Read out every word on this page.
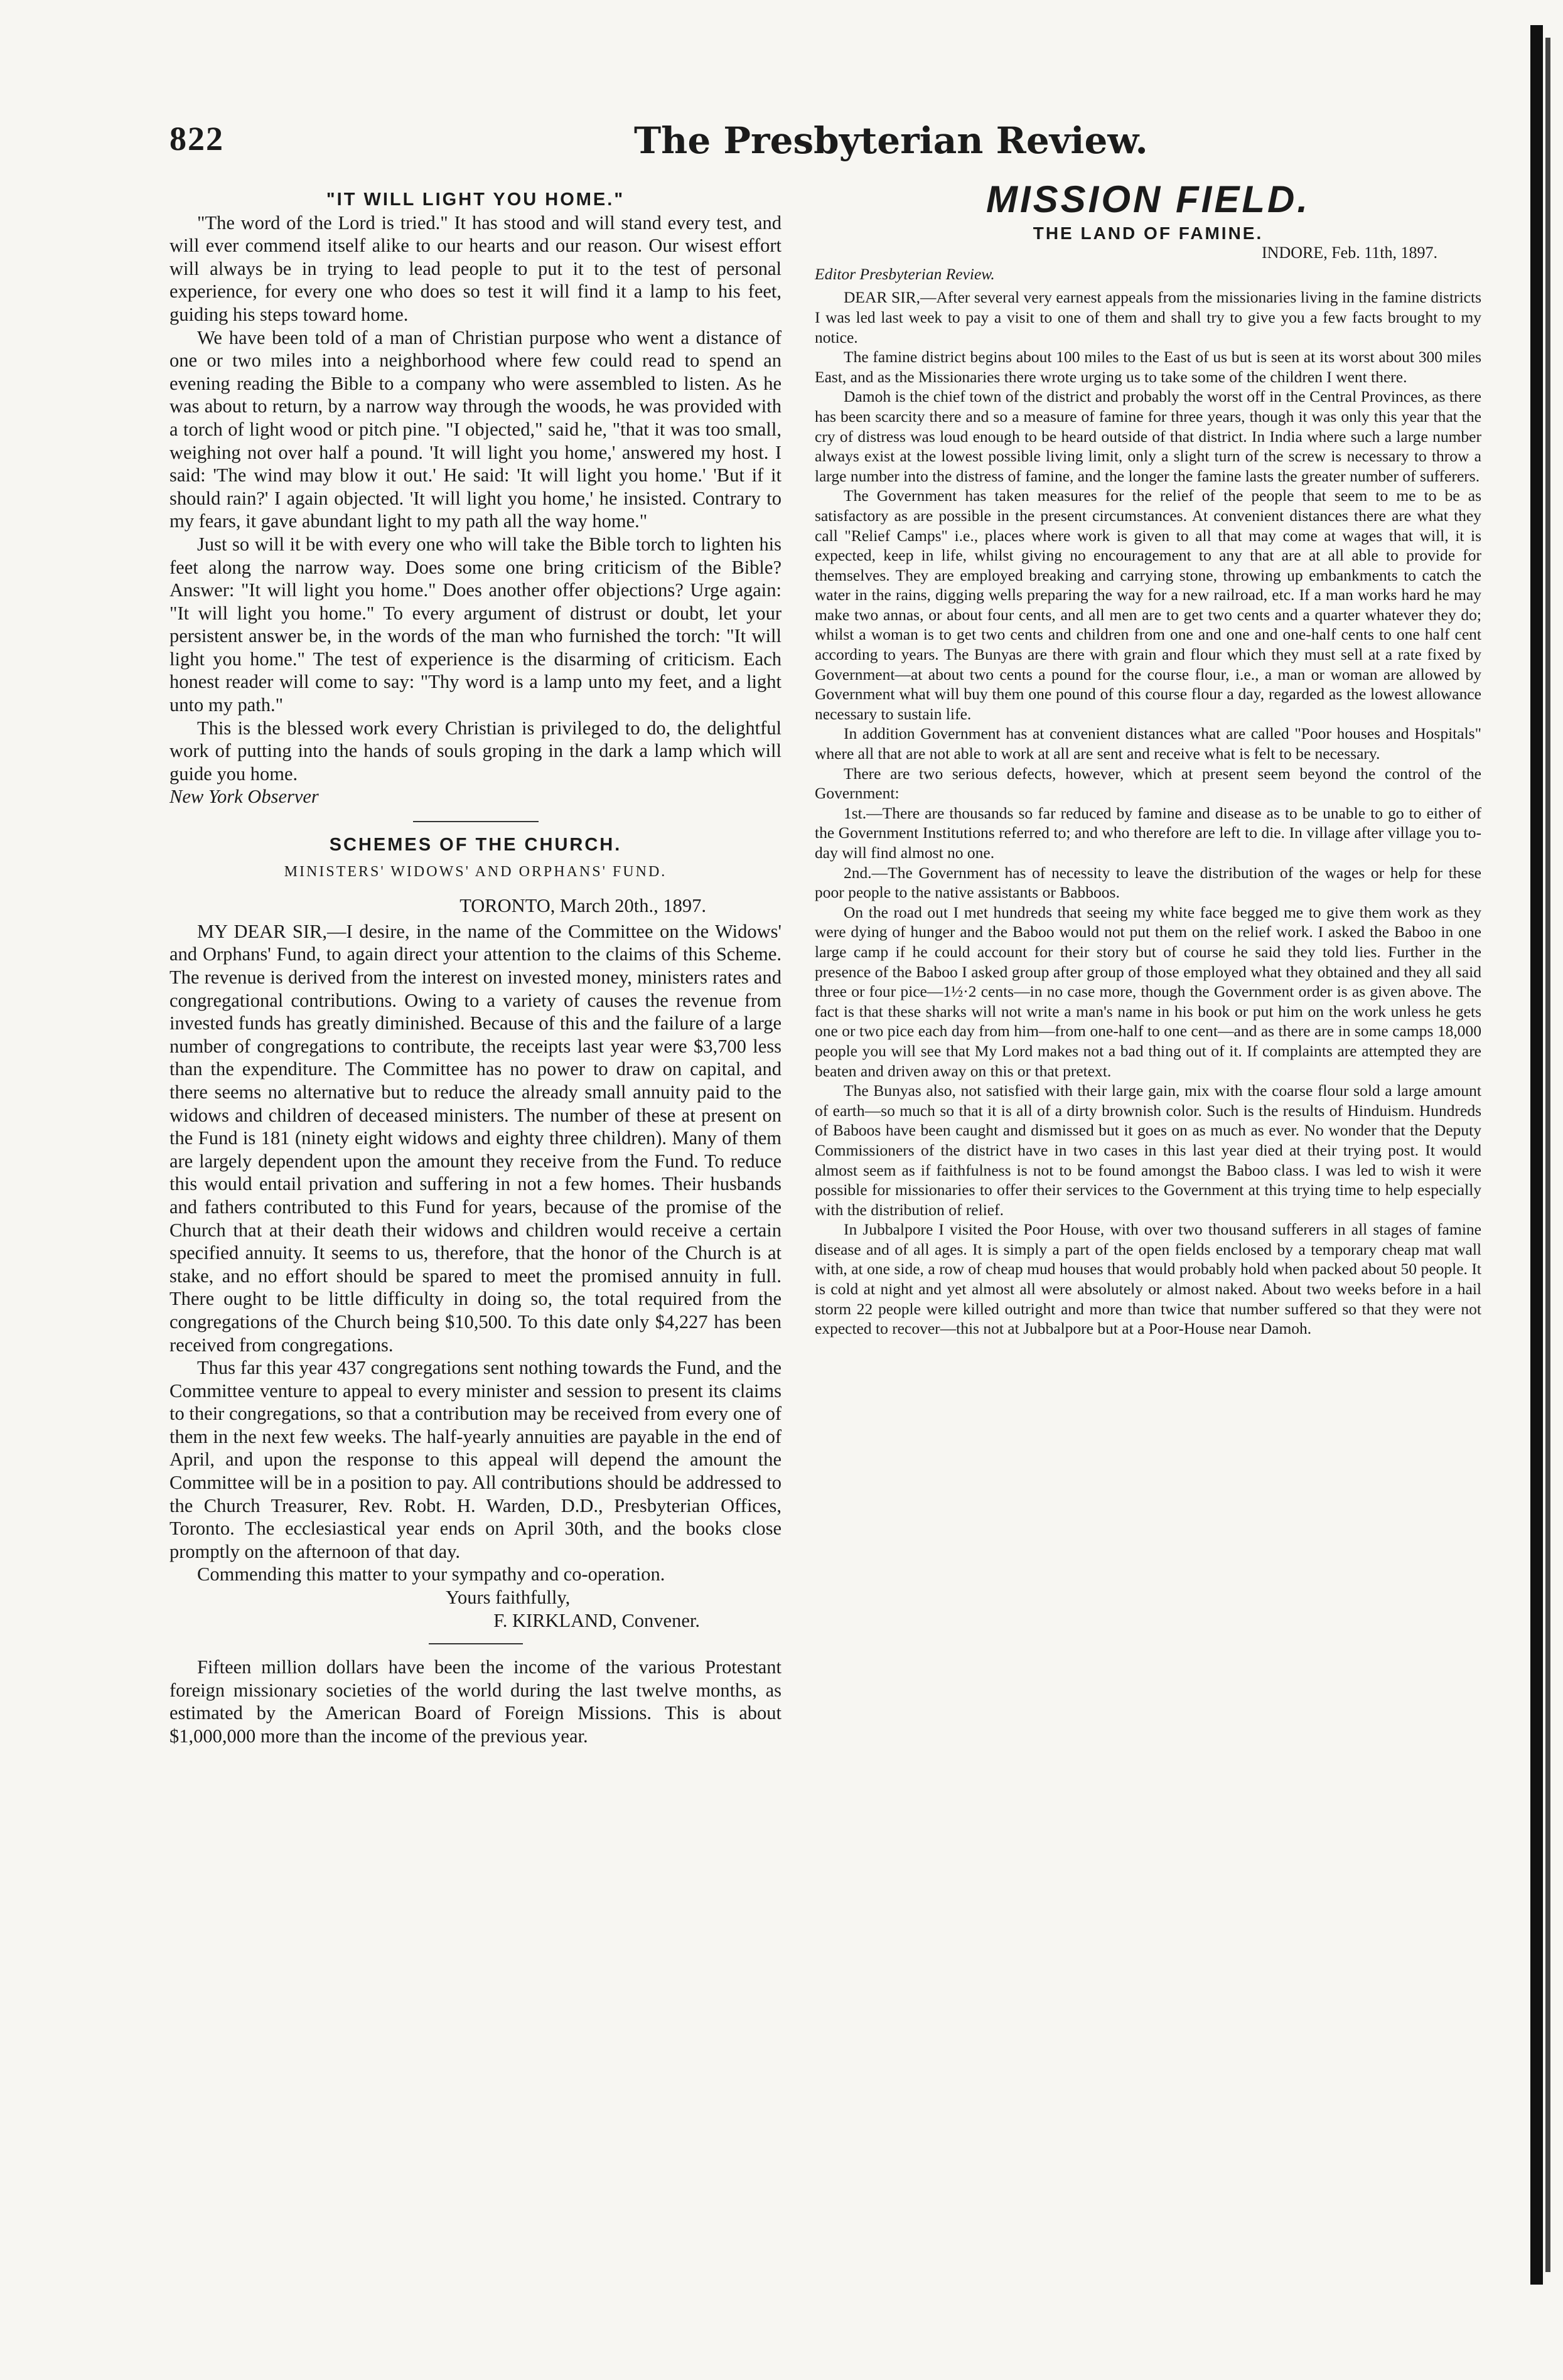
822	The Presbyterian Review.
"IT WILL LIGHT YOU HOME."

"The word of the Lord is tried." It has stood and will stand every test, and will ever commend itself alike to our hearts and our reason. Our wisest effort will always be in trying to lead people to put it to the test of personal experience, for every one who does so test it will find it a lamp to his feet, guiding his steps toward home.

We have been told of a man of Christian purpose who went a distance of one or two miles into a neighborhood where few could read to spend an evening reading the Bible to a company who were assembled to listen. As he was about to return, by a narrow way through the woods, he was provided with a torch of light wood or pitch pine. "I objected," said he, "that it was too small, weighing not over half a pound. 'It will light you home,' answered my host. I said: 'The wind may blow it out.' He said: 'It will light you home.' 'But if it should rain?' I again objected. 'It will light you home,' he insisted. Contrary to my fears, it gave abundant light to my path all the way home."

Just so will it be with every one who will take the Bible torch to lighten his feet along the narrow way. Does some one bring criticism of the Bible? Answer: "It will light you home." Does another offer objections? Urge again: "It will light you home." To every argument of distrust or doubt, let your persistent answer be, in the words of the man who furnished the torch: "It will light you home." The test of experience is the disarming of criticism. Each honest reader will come to say: "Thy word is a lamp unto my feet, and a light unto my path."

This is the blessed work every Christian is privileged to do, the delightful work of putting into the hands of souls groping in the dark a lamp which will guide you home.

New York Observer

SCHEMES OF THE CHURCH.
MINISTERS' WIDOWS' AND ORPHANS' FUND.
TORONTO, March 20th., 1897.

MY DEAR SIR,—I desire, in the name of the Committee on the Widows' and Orphans' Fund, to again direct your attention to the claims of this Scheme. The revenue is derived from the interest on invested money, ministers rates and congregational contributions. Owing to a variety of causes the revenue from invested funds has greatly diminished. Because of this and the failure of a large number of congregations to contribute, the receipts last year were $3,700 less than the expenditure. The Committee has no power to draw on capital, and there seems no alternative but to reduce the already small annuity paid to the widows and children of deceased ministers. The number of these at present on the Fund is 181 (ninety eight widows and eighty three children). Many of them are largely dependent upon the amount they receive from the Fund. To reduce this would entail privation and suffering in not a few homes. Their husbands and fathers contributed to this Fund for years, because of the promise of the Church that at their death their widows and children would receive a certain specified annuity. It seems to us, therefore, that the honor of the Church is at stake, and no effort should be spared to meet the promised annuity in full. There ought to be little difficulty in doing so, the total required from the congregations of the Church being $10,500. To this date only $4,227 has been received from congregations.

Thus far this year 437 congregations sent nothing towards the Fund, and the Committee venture to appeal to every minister and session to present its claims to their congregations, so that a contribution may be received from every one of them in the next few weeks. The half-yearly annuities are payable in the end of April, and upon the response to this appeal will depend the amount the Committee will be in a position to pay. All contributions should be addressed to the Church Treasurer, Rev. Robt. H. Warden, D.D., Presbyterian Offices, Toronto. The ecclesiastical year ends on April 30th, and the books close promptly on the afternoon of that day.

Commending this matter to your sympathy and co-operation.

Yours faithfully,
F. KIRKLAND, Convener.

Fifteen million dollars have been the income of the various Protestant foreign missionary societies of the world during the last twelve months, as estimated by the American Board of Foreign Missions. This is about $1,000,000 more than the income of the previous year.

MISSION FIELD.
THE LAND OF FAMINE.
INDORE, Feb. 11th, 1897.
Editor Presbyterian Review.

DEAR SIR,—After several very earnest appeals from the missionaries living in the famine districts I was led last week to pay a visit to one of them and shall try to give you a few facts brought to my notice.

The famine district begins about 100 miles to the East of us but is seen at its worst about 300 miles East, and as the Missionaries there wrote urging us to take some of the children I went there.

Damoh is the chief town of the district and probably the worst off in the Central Provinces, as there has been scarcity there and so a measure of famine for three years, though it was only this year that the cry of distress was loud enough to be heard outside of that district. In India where such a large number always exist at the lowest possible living limit, only a slight turn of the screw is necessary to throw a large number into the distress of famine, and the longer the famine lasts the greater number of sufferers.

The Government has taken measures for the relief of the people that seem to me to be as satisfactory as are possible in the present circumstances. At convenient distances there are what they call "Relief Camps" i.e., places where work is given to all that may come at wages that will, it is expected, keep in life, whilst giving no encouragement to any that are at all able to provide for themselves. They are employed breaking and carrying stone, throwing up embankments to catch the water in the rains, digging wells preparing the way for a new railroad, etc. If a man works hard he may make two annas, or about four cents, and all men are to get two cents and a quarter whatever they do; whilst a woman is to get two cents and children from one and one and one-half cents to one half cent according to years. The Bunyas are there with grain and flour which they must sell at a rate fixed by Government—at about two cents a pound for the course flour, i.e., a man or woman are allowed by Government what will buy them one pound of this course flour a day, regarded as the lowest allowance necessary to sustain life.

In addition Government has at convenient distances what are called "Poor houses and Hospitals" where all that are not able to work at all are sent and receive what is felt to be necessary.

There are two serious defects, however, which at present seem beyond the control of the Government:

1st.—There are thousands so far reduced by famine and disease as to be unable to go to either of the Government Institutions referred to; and who therefore are left to die. In village after village you to-day will find almost no one.

2nd.—The Government has of necessity to leave the distribution of the wages or help for these poor people to the native assistants or Babboos.

On the road out I met hundreds that seeing my white face begged me to give them work as they were dying of hunger and the Baboo would not put them on the relief work. I asked the Baboo in one large camp if he could account for their story but of course he said they told lies. Further in the presence of the Baboo I asked group after group of those employed what they obtained and they all said three or four pice—1½·2 cents—in no case more, though the Government order is as given above. The fact is that these sharks will not write a man's name in his book or put him on the work unless he gets one or two pice each day from him—from one-half to one cent—and as there are in some camps 18,000 people you will see that My Lord makes not a bad thing out of it. If complaints are attempted they are beaten and driven away on this or that pretext.

The Bunyas also, not satisfied with their large gain, mix with the coarse flour sold a large amount of earth—so much so that it is all of a dirty brownish color. Such is the results of Hinduism. Hundreds of Baboos have been caught and dismissed but it goes on as much as ever. No wonder that the Deputy Commissioners of the district have in two cases in this last year died at their trying post. It would almost seem as if faithfulness is not to be found amongst the Baboo class. I was led to wish it were possible for missionaries to offer their services to the Government at this trying time to help especially with the distribution of relief.

In Jubbalpore I visited the Poor House, with over two thousand sufferers in all stages of famine disease and of all ages. It is simply a part of the open fields enclosed by a temporary cheap mat wall with, at one side, a row of cheap mud houses that would probably hold when packed about 50 people. It is cold at night and yet almost all were absolutely or almost naked. About two weeks before in a hail storm 22 people were killed outright and more than twice that number suffered so that they were not expected to recover—this not at Jubbalpore but at a Poor-House near Damoh.
